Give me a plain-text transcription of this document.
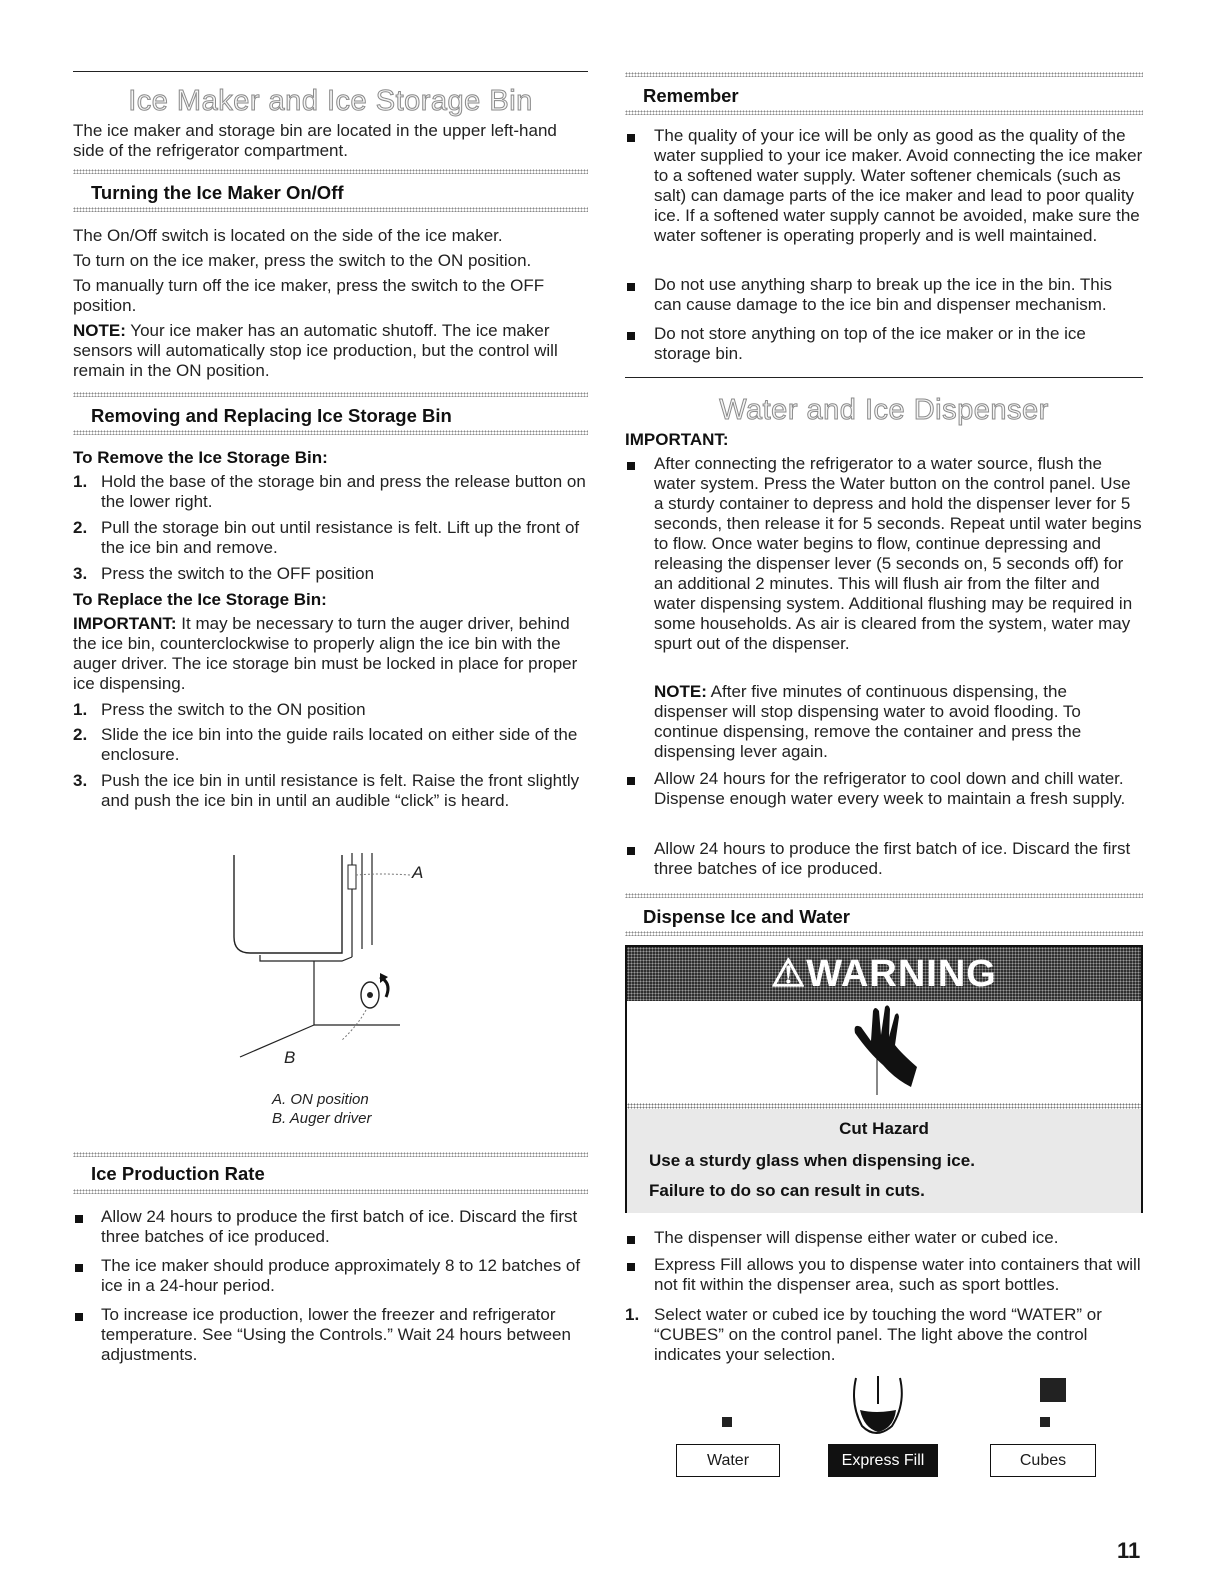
Ice Maker and Ice Storage Bin
The ice maker and storage bin are located in the upper left-hand side of the refrigerator compartment.
Turning the Ice Maker On/Off
The On/Off switch is located on the side of the ice maker.
To turn on the ice maker, press the switch to the ON position.
To manually turn off the ice maker, press the switch to the OFF position.
NOTE: Your ice maker has an automatic shutoff. The ice maker sensors will automatically stop ice production, but the control will remain in the ON position.
Removing and Replacing Ice Storage Bin
To Remove the Ice Storage Bin:
1. Hold the base of the storage bin and press the release button on the lower right.
2. Pull the storage bin out until resistance is felt. Lift up the front of the ice bin and remove.
3. Press the switch to the OFF position
To Replace the Ice Storage Bin:
IMPORTANT: It may be necessary to turn the auger driver, behind the ice bin, counterclockwise to properly align the ice bin with the auger driver. The ice storage bin must be locked in place for proper ice dispensing.
1. Press the switch to the ON position
2. Slide the ice bin into the guide rails located on either side of the enclosure.
3. Push the ice bin in until resistance is felt. Raise the front slightly and push the ice bin in until an audible “click” is heard.
A
B
A. ON position
B. Auger driver
Ice Production Rate
Allow 24 hours to produce the first batch of ice. Discard the first three batches of ice produced.
The ice maker should produce approximately 8 to 12 batches of ice in a 24-hour period.
To increase ice production, lower the freezer and refrigerator temperature. See “Using the Controls.” Wait 24 hours between adjustments.
Remember
The quality of your ice will be only as good as the quality of the water supplied to your ice maker. Avoid connecting the ice maker to a softened water supply. Water softener chemicals (such as salt) can damage parts of the ice maker and lead to poor quality ice. If a softened water supply cannot be avoided, make sure the water softener is operating properly and is well maintained.
Do not use anything sharp to break up the ice in the bin. This can cause damage to the ice bin and dispenser mechanism.
Do not store anything on top of the ice maker or in the ice storage bin.
Water and Ice Dispenser
IMPORTANT:
After connecting the refrigerator to a water source, flush the water system. Press the Water button on the control panel. Use a sturdy container to depress and hold the dispenser lever for 5 seconds, then release it for 5 seconds. Repeat until water begins to flow. Once water begins to flow, continue depressing and releasing the dispenser lever (5 seconds on, 5 seconds off) for an additional 2 minutes. This will flush air from the filter and water dispensing system. Additional flushing may be required in some households. As air is cleared from the system, water may spurt out of the dispenser.
NOTE: After five minutes of continuous dispensing, the dispenser will stop dispensing water to avoid flooding. To continue dispensing, remove the container and press the dispensing lever again.
Allow 24 hours for the refrigerator to cool down and chill water. Dispense enough water every week to maintain a fresh supply.
Allow 24 hours to produce the first batch of ice. Discard the first three batches of ice produced.
Dispense Ice and Water
⚠WARNING
Cut Hazard
Use a sturdy glass when dispensing ice.
Failure to do so can result in cuts.
The dispenser will dispense either water or cubed ice.
Express Fill allows you to dispense water into containers that will not fit within the dispenser area, such as sport bottles.
1. Select water or cubed ice by touching the word “WATER” or “CUBES” on the control panel. The light above the control indicates your selection.
Water	Express Fill	Cubes
11
